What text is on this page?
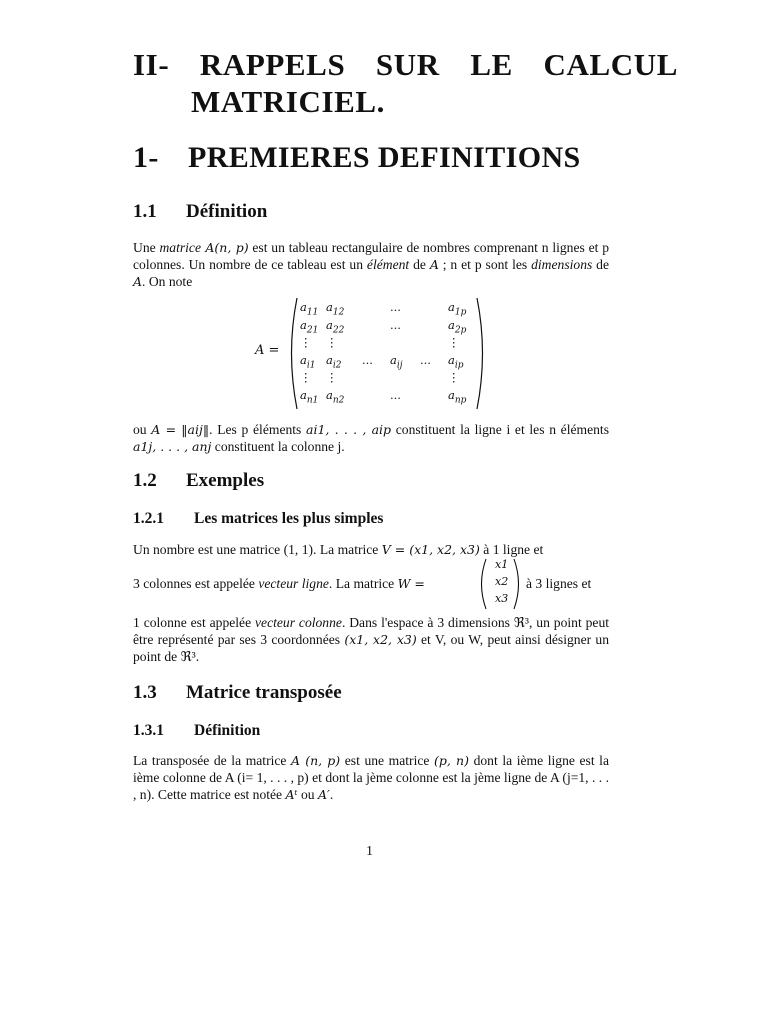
II- RAPPELS SUR LE CALCUL
MATRICIEL.
1- PREMIERES DEFINITIONS
1.1 Définition
Une matrice A(n, p) est un tableau rectangulaire de nombres comprenant n lignes et p colonnes. Un nombre de ce tableau est un élément de A ; n et p sont les dimensions de A. On note
A =
$a_{11}$ $a_{12}$	...	$a_{1p}$
$a_{21}$ $a_{22}$	...	$a_{2p}$
⋮ ⋮	⋮
$a_{i1}$ $a_{i2}$ ... $a_{ij}$ ... $a_{ip}$
⋮ ⋮	⋮
$a_{n1}$ $a_{n2}$	...	$a_{np}$
ou A = ‖aij‖. Les p éléments ai1, . . . , aip constituent la ligne i et les n éléments a1j, . . . , anj constituent la colonne j.
1.2 Exemples
1.2.1 Les matrices les plus simples
Un nombre est une matrice (1, 1). La matrice V = (x1, x2, x3) à 1 ligne et
3 colonnes est appelée vecteur ligne. La matrice W =	à 3 lignes et
x1
x2
x3
1 colonne est appelée vecteur colonne. Dans l'espace à 3 dimensions ℜ³, un point peut être représenté par ses 3 coordonnées (x1, x2, x3) et V, ou W, peut ainsi désigner un point de ℜ³.
1.3 Matrice transposée
1.3.1 Définition
La transposée de la matrice A (n, p) est une matrice (p, n) dont la ième ligne est la ième colonne de A (i= 1, . . . , p) et dont la jème colonne est la jème ligne de A (j=1, . . . , n). Cette matrice est notée Aᵗ ou A′.
1
